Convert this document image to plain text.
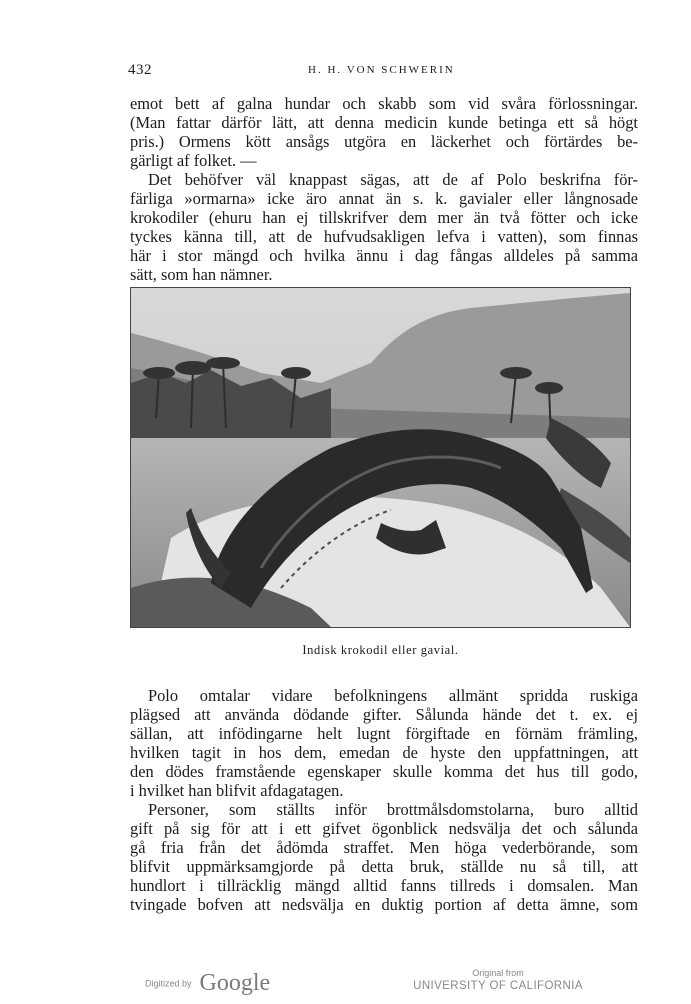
432	H. H. VON SCHWERIN
emot bett af galna hundar och skabb som vid svåra förlossningar.
(Man fattar därför lätt, att denna medicin kunde betinga ett så högt
pris.) Ormens kött ansågs utgöra en läckerhet och förtärdes be-
gärligt af folket. —
Det behöfver väl knappast sägas, att de af Polo beskrifna för-
färliga »ormarna» icke äro annat än s. k. gavialer eller långnosade
krokodiler (ehuru han ej tillskrifver dem mer än två fötter och icke
tyckes känna till, att de hufvudsakligen lefva i vatten), som finnas
här i stor mängd och hvilka ännu i dag fångas alldeles på samma
sätt, som han nämner.
Indisk krokodil eller gavial.
Polo omtalar vidare befolkningens allmänt spridda ruskiga
plägsed att använda dödande gifter. Sålunda hände det t. ex. ej
sällan, att infödingarne helt lugnt förgiftade en förnäm främling,
hvilken tagit in hos dem, emedan de hyste den uppfattningen, att
den dödes framstående egenskaper skulle komma det hus till godo,
i hvilket han blifvit afdagatagen.
Personer, som ställts inför brottmålsdomstolarna, buro alltid
gift på sig för att i ett gifvet ögonblick nedsvälja det och sålunda
gå fria från det ådömda straffet. Men höga vederbörande, som
blifvit uppmärksamgjorde på detta bruk, ställde nu så till, att
hundlort i tillräcklig mängd alltid fanns tillreds i domsalen. Man
tvingade bofven att nedsvälja en duktig portion af detta ämne, som
Digitized by Google	Original from
UNIVERSITY OF CALIFORNIA
